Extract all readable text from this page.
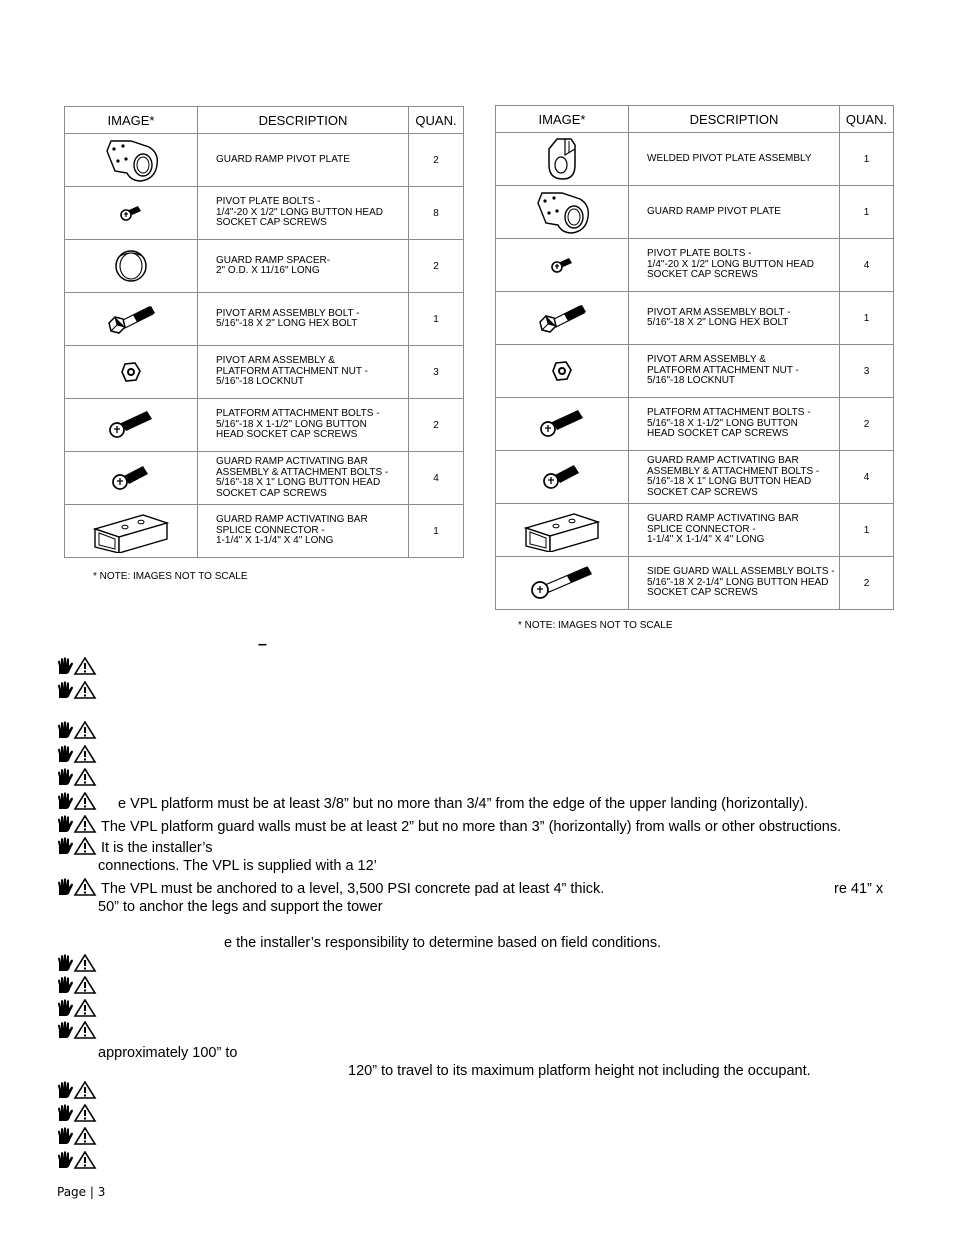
IMAGE*	DESCRIPTION	QUAN.

GUARD RAMP PIVOT PLATE	2

PIVOT PLATE BOLTS -
1/4"-20 X 1/2" LONG BUTTON HEAD
SOCKET CAP SCREWS	8

GUARD RAMP SPACER-
2" O.D. X 11/16" LONG	2

PIVOT ARM ASSEMBLY BOLT -
5/16"-18 X 2" LONG HEX BOLT	1

PIVOT ARM ASSEMBLY &
PLATFORM ATTACHMENT NUT -
5/16"-18 LOCKNUT	3

PLATFORM ATTACHMENT BOLTS -
5/16"-18 X 1-1/2" LONG BUTTON
HEAD SOCKET CAP SCREWS	2

GUARD RAMP ACTIVATING BAR
ASSEMBLY & ATTACHMENT BOLTS -
5/16"-18 X 1" LONG BUTTON HEAD
SOCKET CAP SCREWS	4

GUARD RAMP ACTIVATING BAR
SPLICE CONNECTOR -
1-1/4" X 1-1/4" X 4" LONG	1
* NOTE: IMAGES NOT TO SCALE
IMAGE*	DESCRIPTION	QUAN.

WELDED PIVOT PLATE ASSEMBLY	1

GUARD RAMP PIVOT PLATE	1

PIVOT PLATE BOLTS -
1/4"-20 X 1/2" LONG BUTTON HEAD
SOCKET CAP SCREWS	4

PIVOT ARM ASSEMBLY BOLT -
5/16"-18 X 2" LONG HEX BOLT	1

PIVOT ARM ASSEMBLY &
PLATFORM ATTACHMENT NUT -
5/16"-18 LOCKNUT	3

PLATFORM ATTACHMENT BOLTS -
5/16"-18 X 1-1/2" LONG BUTTON
HEAD SOCKET CAP SCREWS	2

GUARD RAMP ACTIVATING BAR
ASSEMBLY & ATTACHMENT BOLTS -
5/16"-18 X 1" LONG BUTTON HEAD
SOCKET CAP SCREWS	4

GUARD RAMP ACTIVATING BAR
SPLICE CONNECTOR -
1-1/4" X 1-1/4" X 4" LONG	1

SIDE GUARD WALL ASSEMBLY BOLTS -
5/16"-18 X 2-1/4" LONG BUTTON HEAD
SOCKET CAP SCREWS	2
* NOTE: IMAGES NOT TO SCALE
–
e VPL platform must be at least 3/8” but no more than 3/4” from the edge of the upper landing (horizontally).
The VPL platform guard walls must be at least 2” but no more than 3” (horizontally) from walls or other obstructions.
It is the installer’s
connections. The VPL is supplied with a 12’
The VPL must be anchored to a level, 3,500 PSI concrete pad at least 4” thick.	re 41” x
50” to anchor the legs and support the tower
e the installer’s responsibility to determine based on field conditions.
approximately 100” to
120” to travel to its maximum platform height not including the occupant.
Page | 3
